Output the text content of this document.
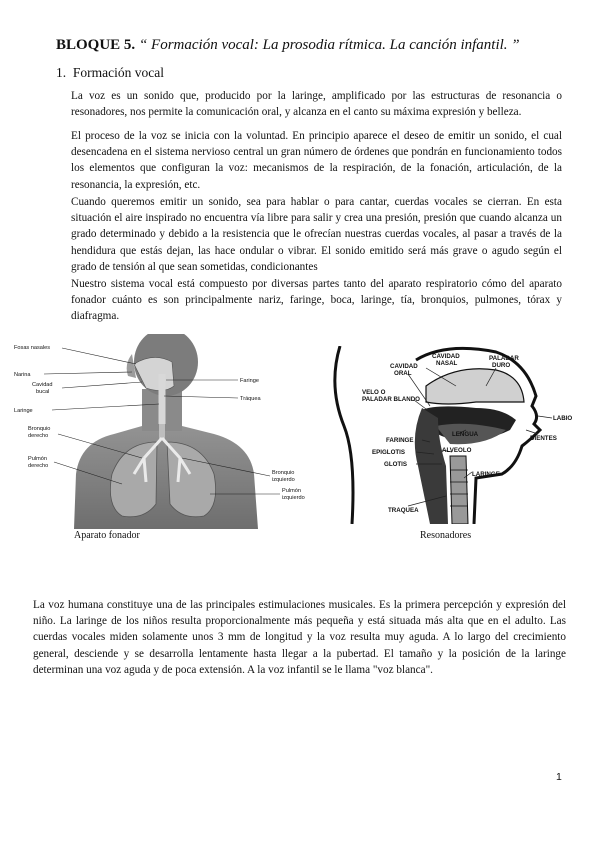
BLOQUE 5. “ Formación vocal: La prosodia rítmica. La canción infantil. ”
1. Formación vocal
La voz es un sonido que, producido por la laringe, amplificado por las estructuras de resonancia o resonadores, nos permite la comunicación oral, y alcanza en el canto su máxima expresión y belleza.
El proceso de la voz se inicia con la voluntad. En principio aparece el deseo de emitir un sonido, el cual desencadena en el sistema nervioso central un gran número de órdenes que pondrán en funcionamiento todos los elementos que configuran la voz: mecanismos de la respiración, de la fonación, articulación, de la resonancia, la expresión, etc.
Cuando queremos emitir un sonido, sea para hablar o para cantar, cuerdas vocales se cierran. En esta situación el aire inspirado no encuentra vía libre para salir y crea una presión, presión que cuando alcanza un grado determinado y debido a la resistencia que le ofrecían nuestras cuerdas vocales, al pasar a través de la hendidura que estás dejan, las hace ondular o vibrar. El sonido emitido será más grave o agudo según el grado de tensión al que sean sometidas, condicionantes
Nuestro sistema vocal está compuesto por diversas partes tanto del aparato respiratorio cómo del aparato fonador cuánto es son principalmente nariz, faringe, boca, laringe, tía, bronquios, pulmones, tórax y diafragma.
Fosas nasales
Narina
Cavidad
bucal
Laringe
Bronquio
derecho
Pulmón
derecho
Faringe
Tráquea
Bronquio
izquierdo
Pulmón
izquierdo
Aparato fonador
CAVIDAD
NASAL
PALADAR
DURO
CAVIDAD
ORAL
VELO O
PALADAR BLANDO
LABIO
DIENTES
LENGUA
FARINGE
EPIGLOTIS	ALVEOLO
GLOTIS
LARINGE
TRAQUEA
Resonadores
La voz humana constituye una de las principales estimulaciones musicales. Es la primera percepción y expresión del niño. La laringe de los niños resulta proporcionalmente más pequeña y está situada más alta que en el adulto. Las cuerdas vocales miden solamente unos 3 mm de longitud y la voz resulta muy aguda. A lo largo del crecimiento general, desciende y se desarrolla lentamente hasta llegar a la pubertad. El tamaño y la posición de la laringe determinan una voz aguda y de poca extensión. A la voz infantil se le llama "voz blanca".
1
